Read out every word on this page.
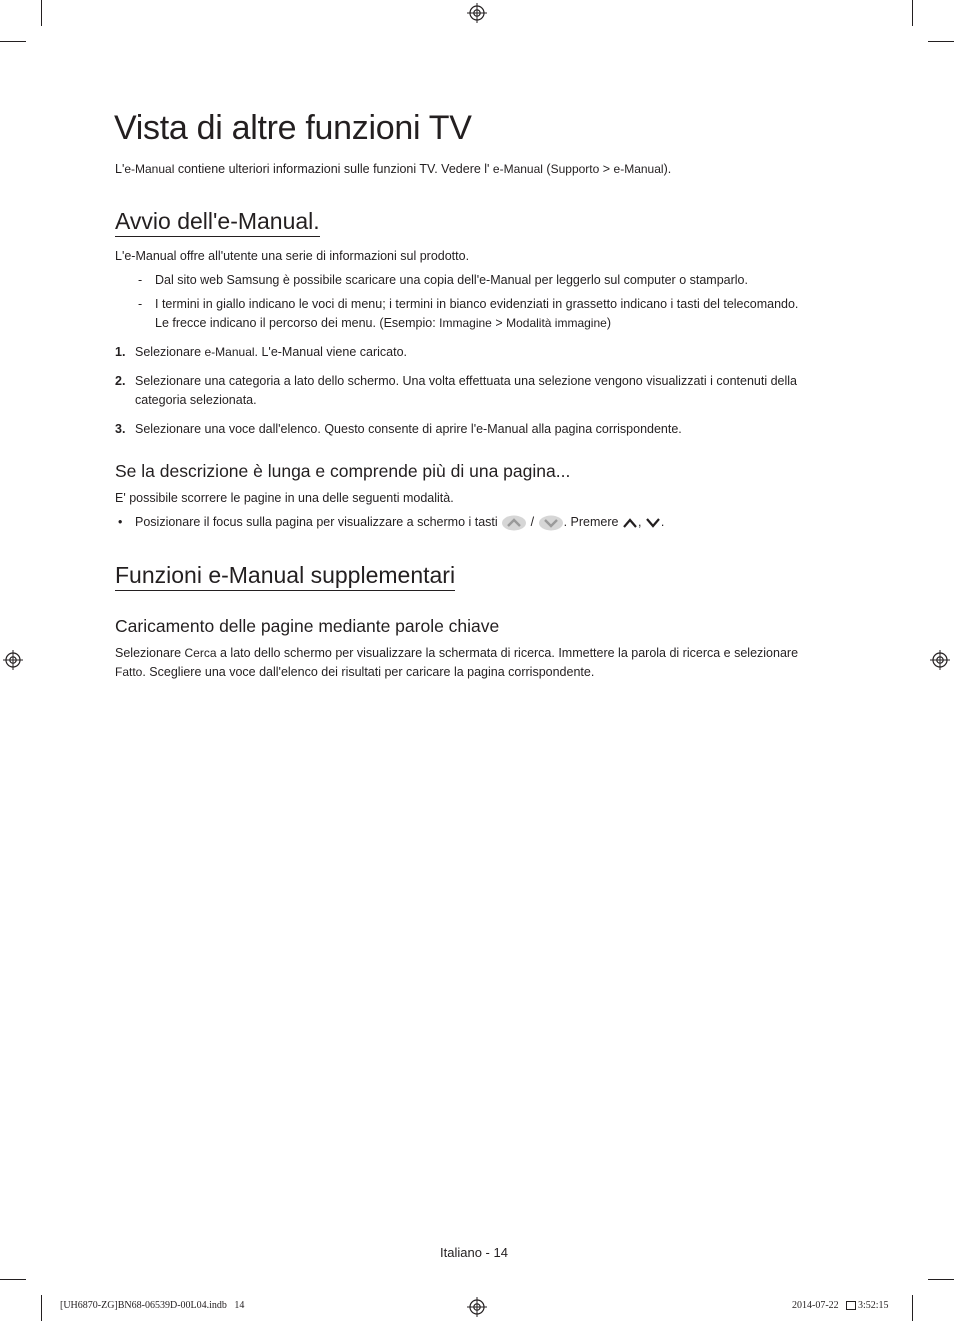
Vista di altre funzioni TV

L'e-Manual contiene ulteriori informazioni sulle funzioni TV. Vedere l' e-Manual (Supporto > e-Manual).

Avvio dell'e-Manual.

L'e-Manual offre all'utente una serie di informazioni sul prodotto.

- Dal sito web Samsung è possibile scaricare una copia dell'e-Manual per leggerlo sul computer o stamparlo.

- I termini in giallo indicano le voci di menu; i termini in bianco evidenziati in grassetto indicano i tasti del telecomando.

Le frecce indicano il percorso dei menu. (Esempio: Immagine > Modalità immagine)

1. Selezionare e-Manual. L'e-Manual viene caricato.

2. Selezionare una categoria a lato dello schermo. Una volta effettuata una selezione vengono visualizzati i contenuti della

categoria selezionata.

3. Selezionare una voce dall'elenco. Questo consente di aprire l'e-Manual alla pagina corrispondente.

Se la descrizione è lunga e comprende più di una pagina...

E' possibile scorrere le pagine in una delle seguenti modalità.

• Posizionare il focus sulla pagina per visualizzare a schermo i tasti  / . Premere , .

Funzioni e-Manual supplementari
Caricamento delle pagine mediante parole chiave

Selezionare Cerca a lato dello schermo per visualizzare la schermata di ricerca. Immettere la parola di ricerca e selezionare

Fatto. Scegliere una voce dall'elenco dei risultati per caricare la pagina corrispondente.

Italiano - 14

[UH6870-ZG]BN68-06539D-00L04.indb   14	2014-07-22 3:52:15
